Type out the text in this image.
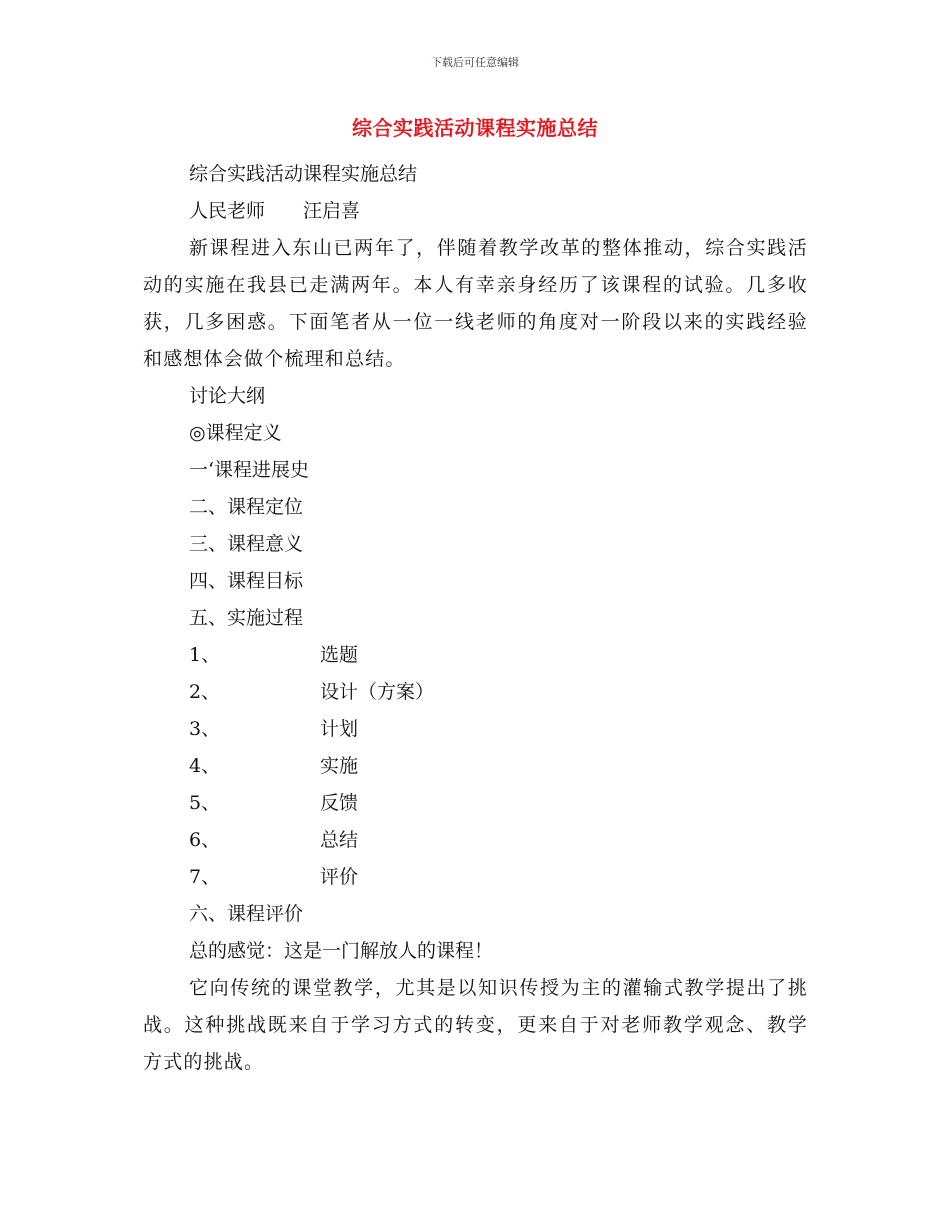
下载后可任意编辑
综合实践活动课程实施总结

综合实践活动课程实施总结

人民老师 汪启喜

新课程进入东山已两年了，伴随着教学改革的整体推动，综合实践活动的实施在我县已走满两年。本人有幸亲身经历了该课程的试验。几多收获，几多困惑。下面笔者从一位一线老师的角度对一阶段以来的实践经验和感想体会做个梳理和总结。

讨论大纲

◎课程定义

一‘课程进展史

二、课程定位

三、课程意义

四、课程目标

五、实施过程

1、	选题
2、	设计（方案）
3、	计划
4、	实施
5、	反馈
6、	总结
7、	评价

六、课程评价

总的感觉：这是一门解放人的课程！

它向传统的课堂教学，尤其是以知识传授为主的灌输式教学提出了挑战。这种挑战既来自于学习方式的转变，更来自于对老师教学观念、教学方式的挑战。
